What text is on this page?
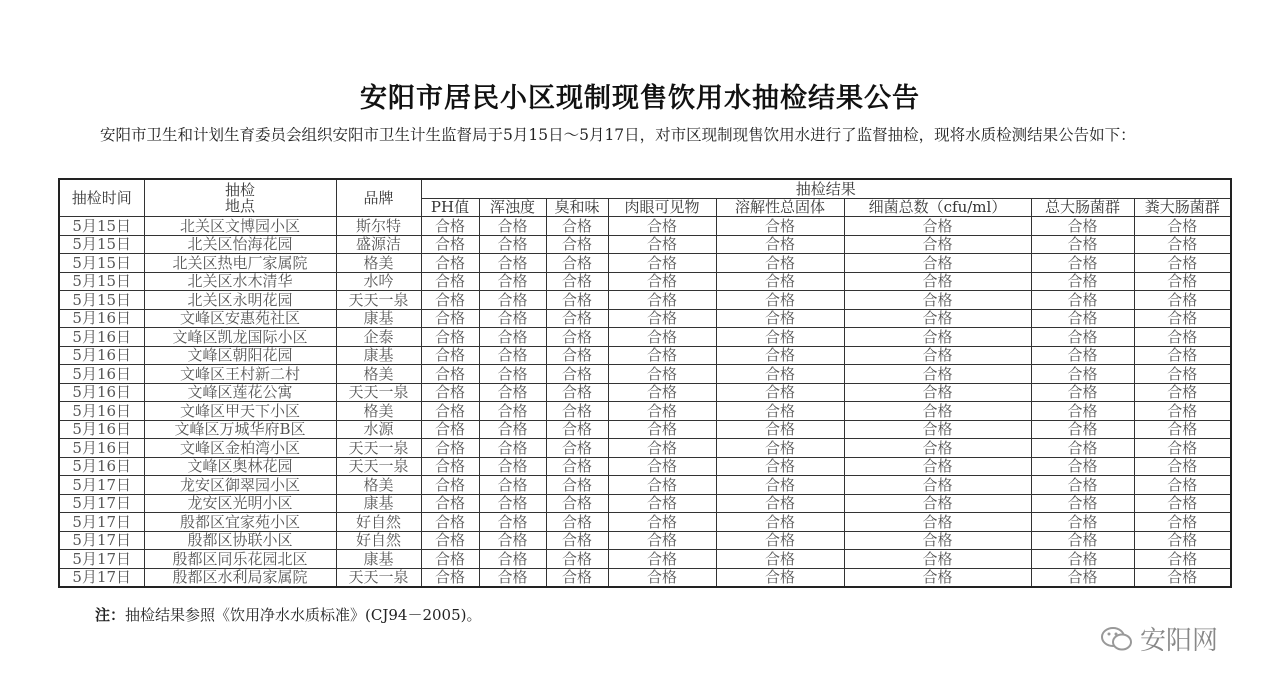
安阳市居民小区现制现售饮用水抽检结果公告
安阳市卫生和计划生育委员会组织安阳市卫生计生监督局于5月15日～5月17日，对市区现制现售饮用水进行了监督抽检，现将水质检测结果公告如下：
抽检时间	抽检地点	品牌	抽检结果							
			PH值	浑浊度	臭和味	肉眼可见物	溶解性总固体	细菌总数（cfu/ml）	总大肠菌群	粪大肠菌群
5月15日	北关区文博园小区	斯尔特	合格	合格	合格	合格	合格	合格	合格	合格
5月15日	北关区怡海花园	盛源洁	合格	合格	合格	合格	合格	合格	合格	合格
5月15日	北关区热电厂家属院	格美	合格	合格	合格	合格	合格	合格	合格	合格
5月15日	北关区水木清华	水吟	合格	合格	合格	合格	合格	合格	合格	合格
5月15日	北关区永明花园	天天一泉	合格	合格	合格	合格	合格	合格	合格	合格
5月16日	文峰区安惠苑社区	康基	合格	合格	合格	合格	合格	合格	合格	合格
5月16日	文峰区凯龙国际小区	企泰	合格	合格	合格	合格	合格	合格	合格	合格
5月16日	文峰区朝阳花园	康基	合格	合格	合格	合格	合格	合格	合格	合格
5月16日	文峰区王村新二村	格美	合格	合格	合格	合格	合格	合格	合格	合格
5月16日	文峰区莲花公寓	天天一泉	合格	合格	合格	合格	合格	合格	合格	合格
5月16日	文峰区甲天下小区	格美	合格	合格	合格	合格	合格	合格	合格	合格
5月16日	文峰区万城华府B区	水源	合格	合格	合格	合格	合格	合格	合格	合格
5月16日	文峰区金柏湾小区	天天一泉	合格	合格	合格	合格	合格	合格	合格	合格
5月16日	文峰区奥林花园	天天一泉	合格	合格	合格	合格	合格	合格	合格	合格
5月17日	龙安区御翠园小区	格美	合格	合格	合格	合格	合格	合格	合格	合格
5月17日	龙安区光明小区	康基	合格	合格	合格	合格	合格	合格	合格	合格
5月17日	殷都区宜家苑小区	好自然	合格	合格	合格	合格	合格	合格	合格	合格
5月17日	殷都区协联小区	好自然	合格	合格	合格	合格	合格	合格	合格	合格
5月17日	殷都区同乐花园北区	康基	合格	合格	合格	合格	合格	合格	合格	合格
5月17日	殷都区水利局家属院	天天一泉	合格	合格	合格	合格	合格	合格	合格	合格
注：抽检结果参照《饮用净水水质标准》(CJ94－2005)。
安阳网
